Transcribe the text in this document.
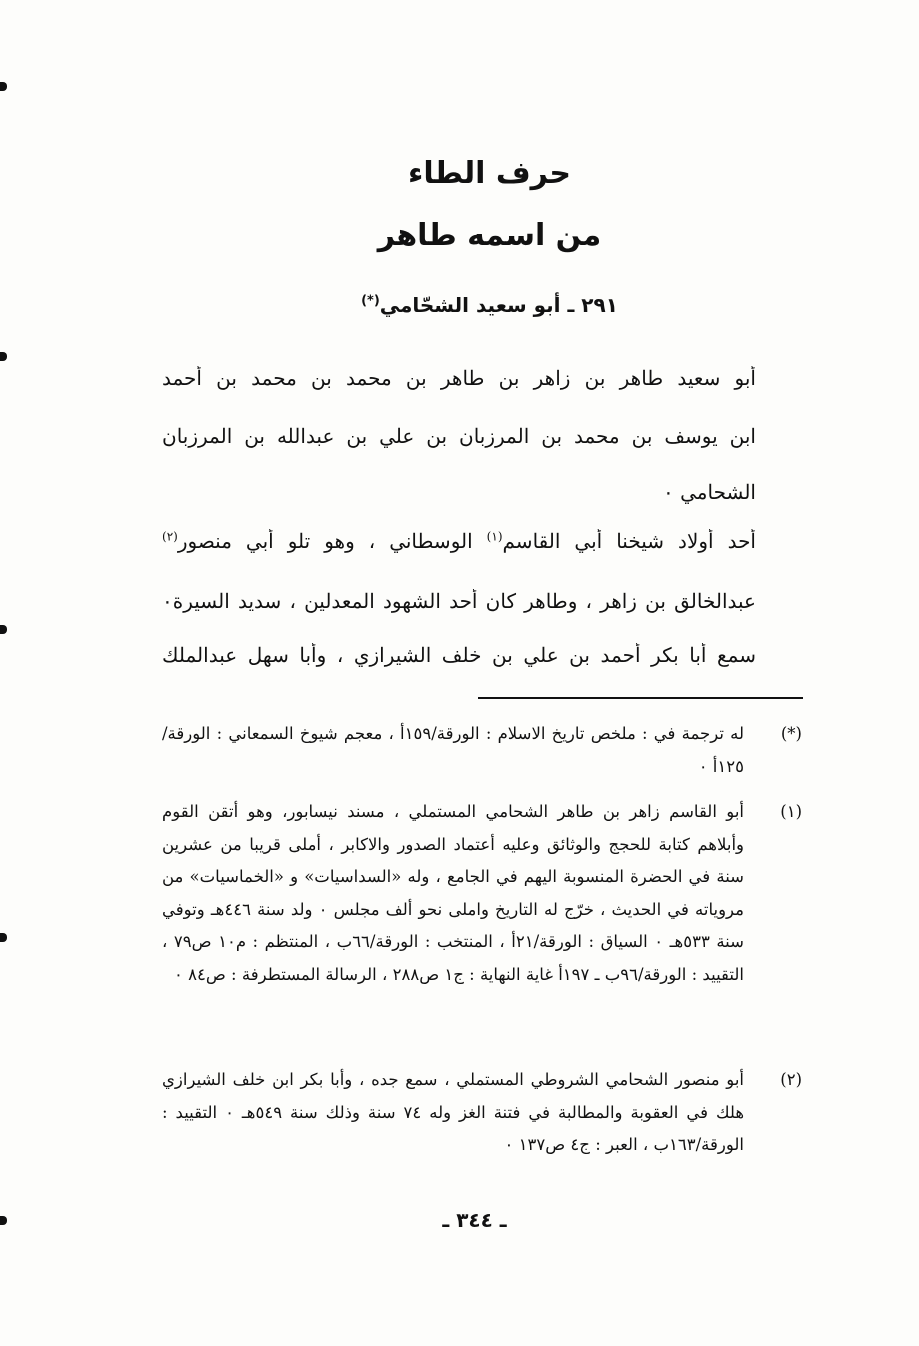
حرف الطاء
من اسمه طاهر
٢٩١ ـ أبو سعيد الشحّامي(*)
أبو سعيد طاهر بن زاهر بن طاهر بن محمد بن محمد بن أحمد
ابن يوسف بن محمد بن المرزبان بن علي بن عبدالله بن المرزبان
الشحامي ٠
أحد أولاد شيخنا أبي القاسم$^{(١)}$ الوسطاني ، وهو تلو أبي منصور$^{(٢)}$
عبدالخالق بن زاهر ، وطاهر كان أحد الشهود المعدلين ، سديد السيرة٠
سمع أبا بكر أحمد بن علي بن خلف الشيرازي ، وأبا سهل عبدالملك
(*)
له ترجمة في : ملخص تاريخ الاسلام : الورقة/١٥٩أ ، معجم شيوخ السمعاني : الورقة/١٢٥أ ٠
(١)
أبو القاسم زاهر بن طاهر الشحامي المستملي ، مسند نيسابور، وهو أتقن القوم وأبلاهم كتابة للحجج والوثائق وعليه أعتماد الصدور والاكابر ، أملى قريبا من عشرين سنة في الحضرة المنسوبة اليهم في الجامع ، وله «السداسيات» و «الخماسيات» من مروياته في الحديث ، خرّج له التاريخ واملى نحو ألف مجلس ٠ ولد سنة ٤٤٦هـ وتوفي سنة ٥٣٣هـ ٠ السياق : الورقة/٢١أ ، المنتخب : الورقة/٦٦ب ، المنتظم : م١٠ ص٧٩ ، التقييد : الورقة/٩٦ب ـ ١٩٧أ غاية النهاية : ج١ ص٢٨٨ ، الرسالة المستطرفة : ص٨٤ ٠
(٢)
أبو منصور الشحامي الشروطي المستملي ، سمع جده ، وأبا بكر ابن خلف الشيرازي هلك في العقوبة والمطالبة في فتنة الغز وله ٧٤ سنة وذلك سنة ٥٤٩هـ ٠ التقييد : الورقة/١٦٣ب ، العبر : ج٤ ص١٣٧ ٠
ـ ٣٤٤ ـ
